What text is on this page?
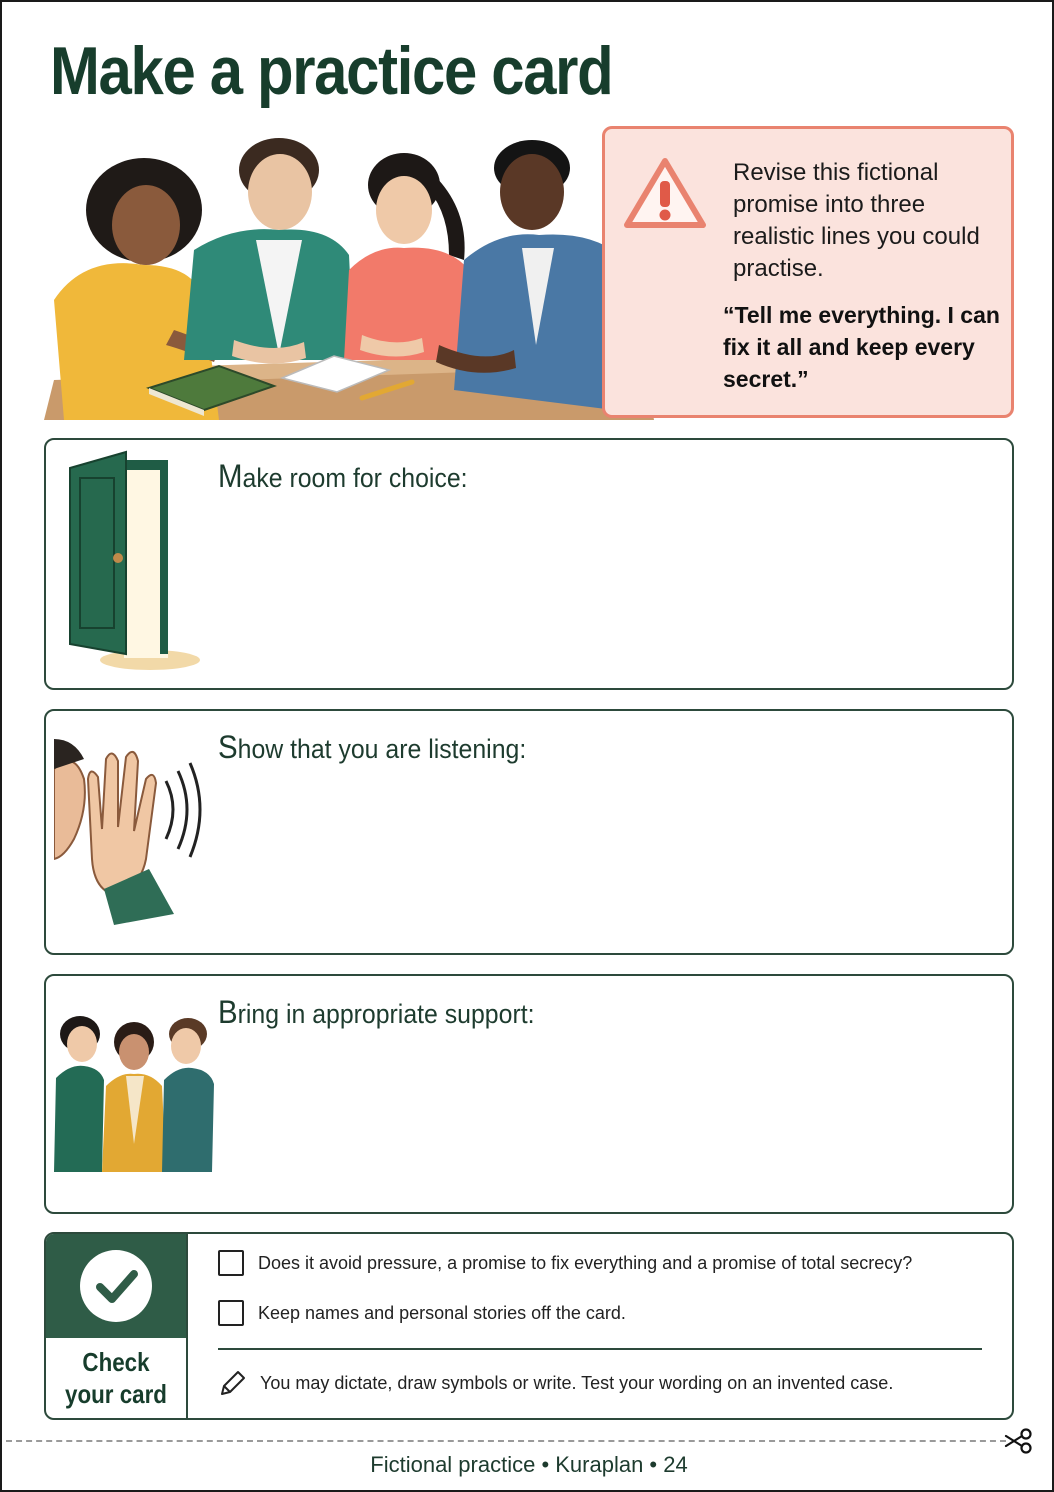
Make a practice card
Revise this fictional promise into three realistic lines you could practise.
“Tell me everything. I can fix it all and keep every secret.”
Make room for choice:
Show that you are listening:
Bring in appropriate support:
Check your card
Does it avoid pressure, a promise to fix everything and a promise of total secrecy?
Keep names and personal stories off the card.
You may dictate, draw symbols or write. Test your wording on an invented case.
Fictional practice • Kuraplan • 24
